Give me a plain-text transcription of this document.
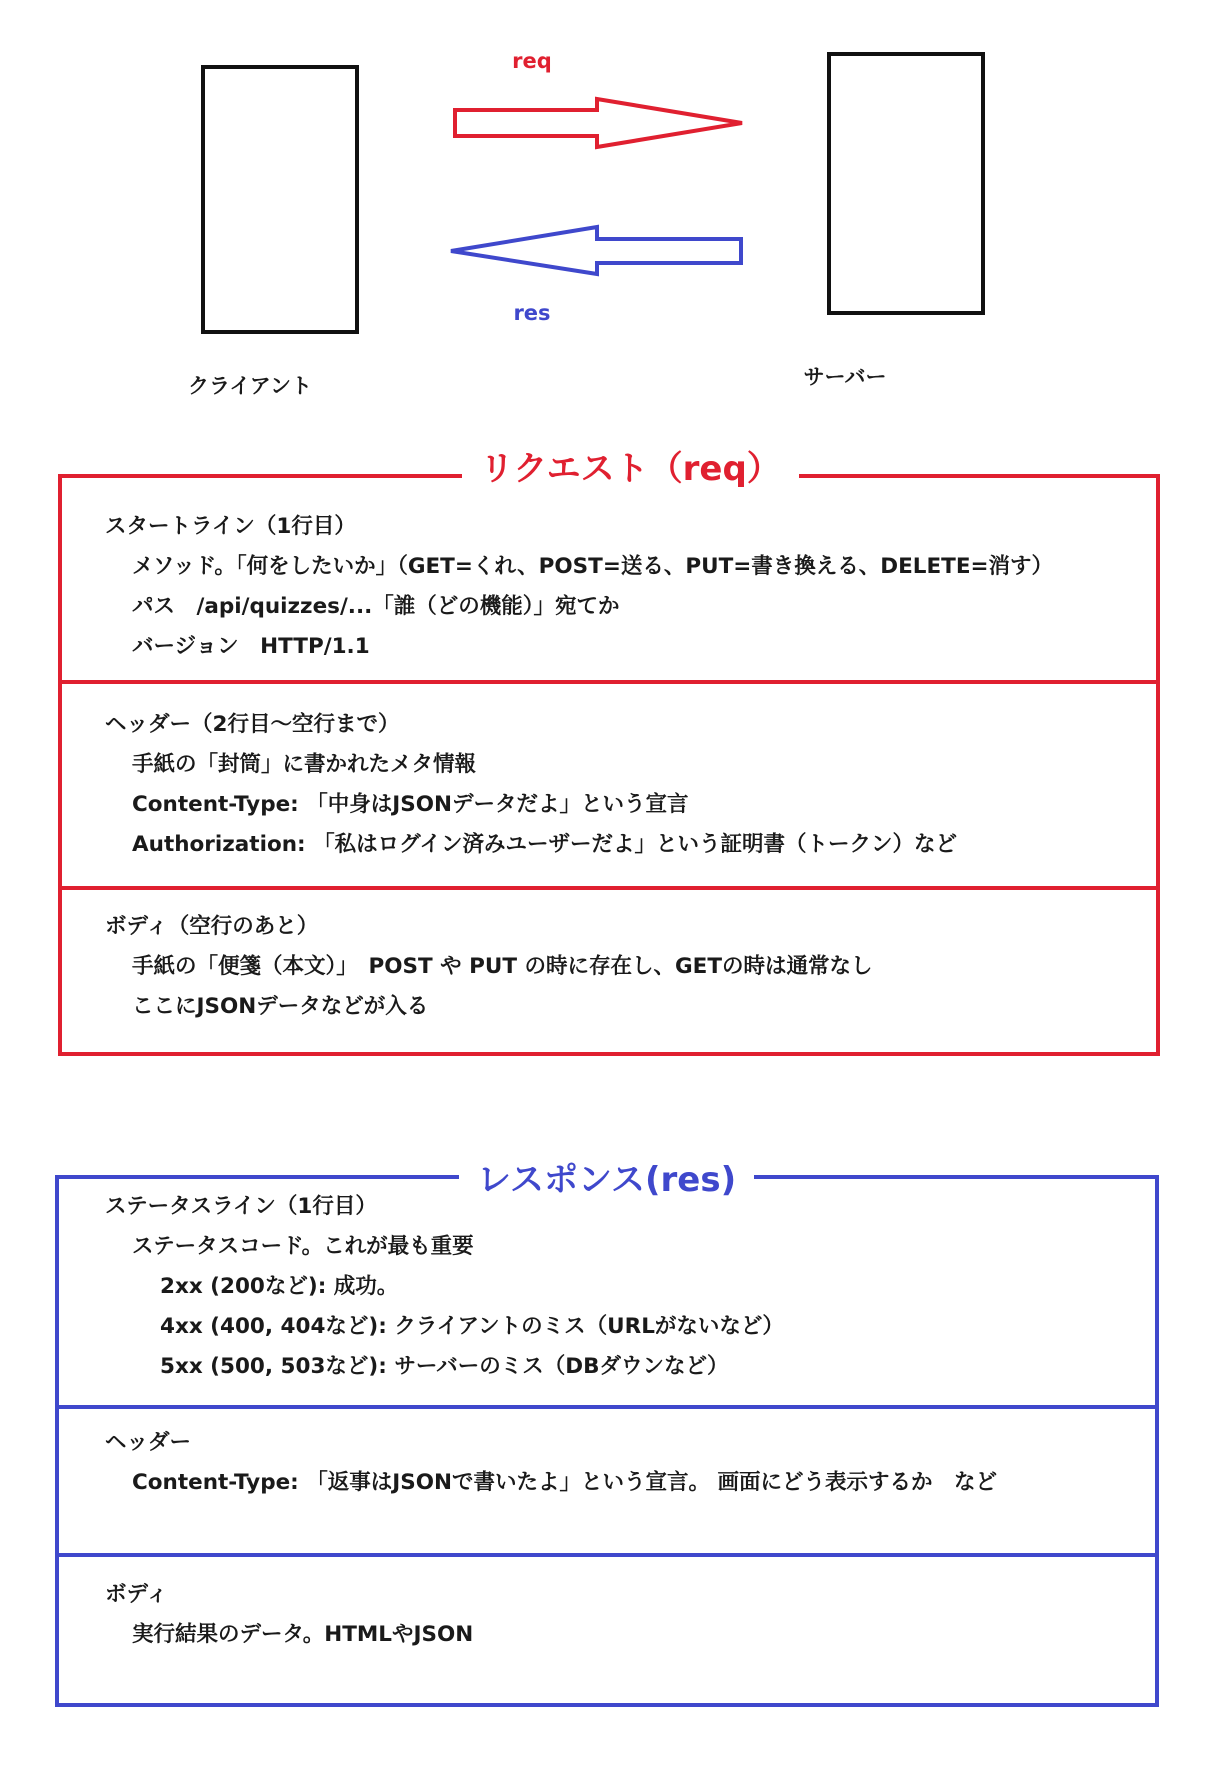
req
res
クライアント	サーバー
リクエスト（req）
スタートライン（1行目）
メソッド。「何をしたいか」（GET=くれ、POST=送る、PUT=書き換える、DELETE=消す）
パス　/api/quizzes/...「誰（どの機能）」宛てか
バージョン　HTTP/1.1
ヘッダー（2行目〜空行まで）
手紙の「封筒」に書かれたメタ情報
Content-Type: 「中身はJSONデータだよ」という宣言
Authorization: 「私はログイン済みユーザーだよ」という証明書（トークン）など
ボディ（空行のあと）
手紙の「便箋（本文）」　POST や PUT の時に存在し、GETの時は通常なし
ここにJSONデータなどが入る
レスポンス(res)
ステータスライン（1行目）
ステータスコード。これが最も重要
2xx (200など): 成功。
4xx (400, 404など): クライアントのミス（URLがないなど）
5xx (500, 503など): サーバーのミス（DBダウンなど）
ヘッダー
Content-Type: 「返事はJSONで書いたよ」という宣言。 画面にどう表示するか　など
ボディ
実行結果のデータ。HTMLやJSON
